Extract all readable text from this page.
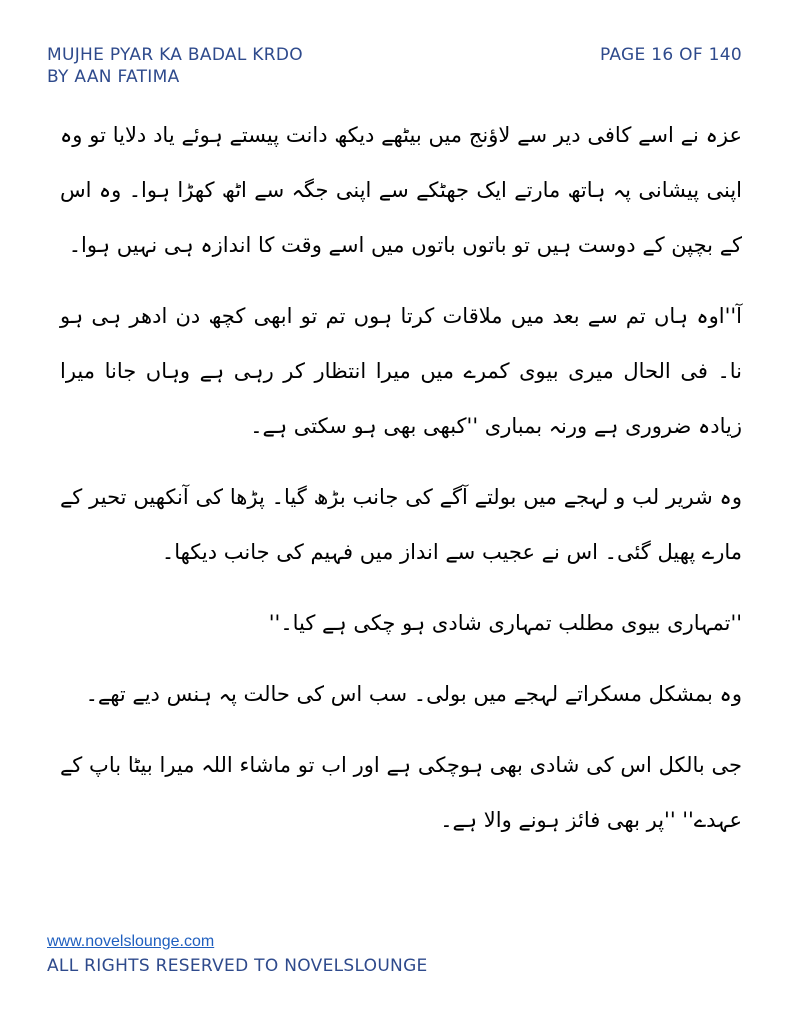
MUJHE PYAR KA BADAL KRDO
BY AAN FATIMA
PAGE 16 OF 140

عزہ نے اسے کافی دیر سے لاؤنج میں بیٹھے دیکھ دانت پیستے ہوئے یاد دلایا تو وہ اپنی پیشانی پہ ہاتھ مارتے ایک جھٹکے سے اپنی جگہ سے اٹھ کھڑا ہوا۔ وہ اس کے بچپن کے دوست ہیں تو باتوں باتوں میں اسے وقت کا اندازہ ہی نہیں ہوا۔

آ''اوہ ہاں تم سے بعد میں ملاقات کرتا ہوں تم تو ابھی کچھ دن ادھر ہی ہو نا۔ فی الحال میری بیوی کمرے میں میرا انتظار کر رہی ہے وہاں جانا میرا زیادہ ضروری ہے ورنہ بمباری ''کبھی بھی ہو سکتی ہے۔

وہ شریر لب و لہجے میں بولتے آگے کی جانب بڑھ گیا۔ پڑھا کی آنکھیں تحیر کے مارے پھیل گئی۔ اس نے عجیب سے انداز میں فہیم کی جانب دیکھا۔

''تمہاری بیوی مطلب تمہاری شادی ہو چکی ہے کیا۔''

وہ بمشکل مسکراتے لہجے میں بولی۔ سب اس کی حالت پہ ہنس دیے تھے۔

جی بالکل اس کی شادی بھی ہوچکی ہے اور اب تو ماشاء اللہ میرا بیٹا باپ کے عہدے'' ''پر بھی فائز ہونے والا ہے۔

www.novelslounge.com
ALL RIGHTS RESERVED TO NOVELSLOUNGE
